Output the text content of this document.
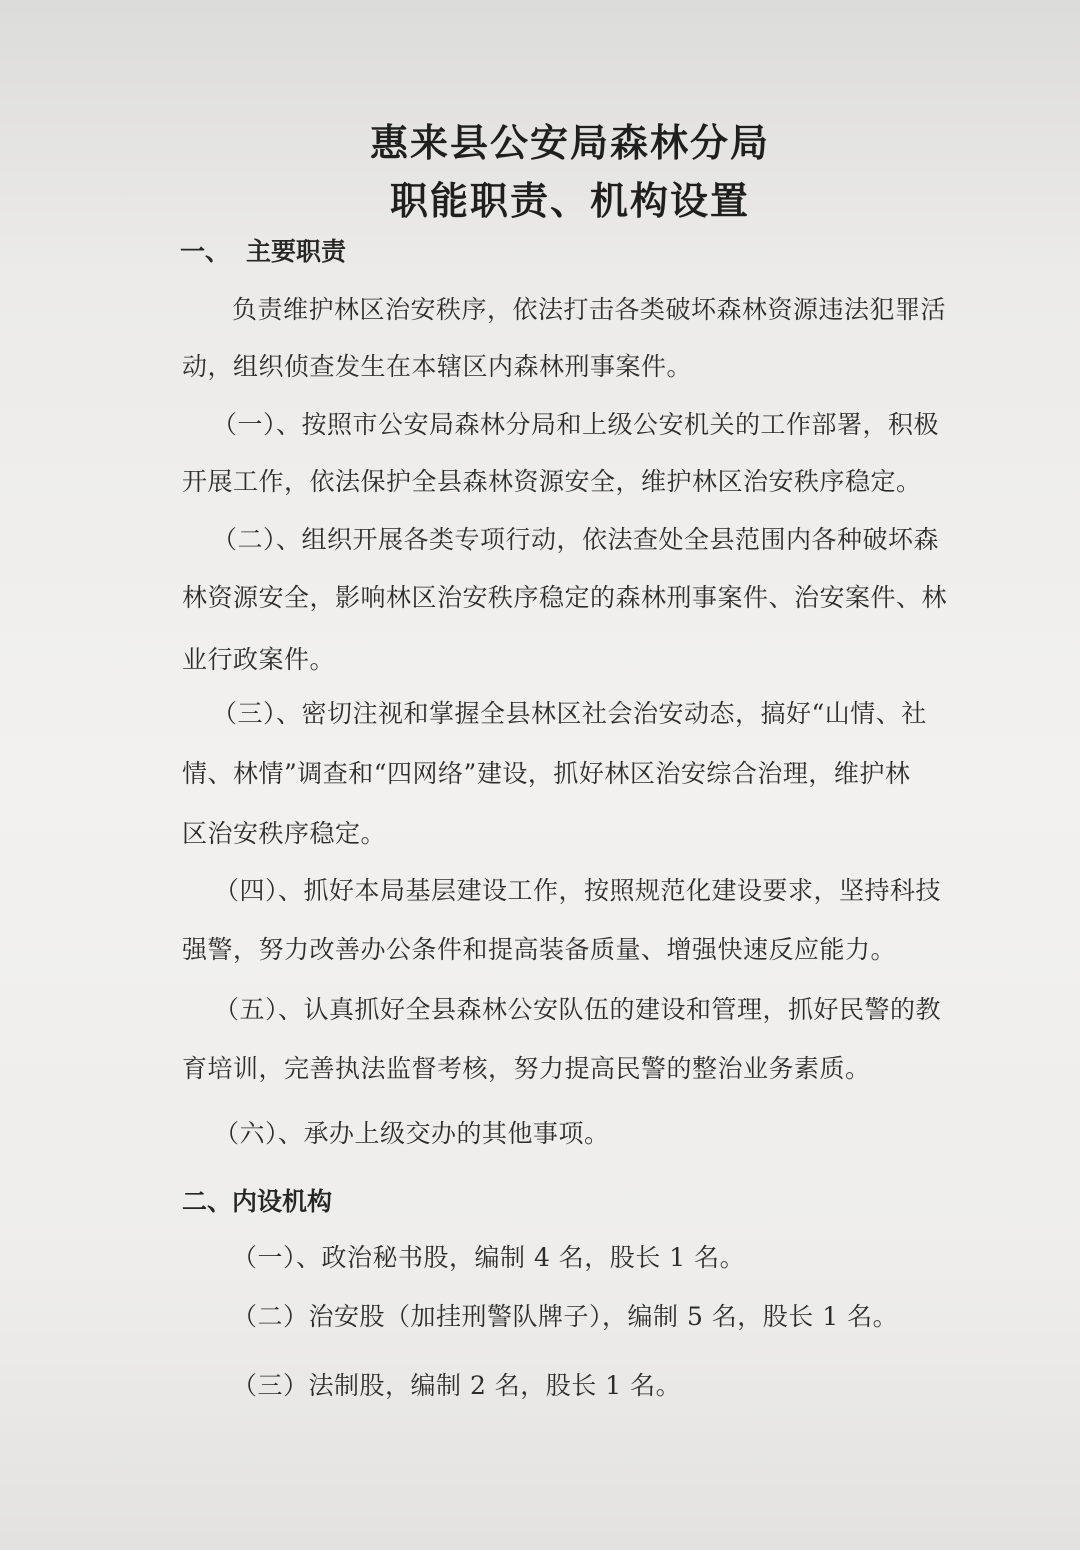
惠来县公安局森林分局
职能职责、机构设置
一、 主要职责
负责维护林区治安秩序，依法打击各类破坏森林资源违法犯罪活
动，组织侦查发生在本辖区内森林刑事案件。
（一）、按照市公安局森林分局和上级公安机关的工作部署，积极
开展工作，依法保护全县森林资源安全，维护林区治安秩序稳定。
（二）、组织开展各类专项行动，依法查处全县范围内各种破坏森
林资源安全，影响林区治安秩序稳定的森林刑事案件、治安案件、林
业行政案件。
（三）、密切注视和掌握全县林区社会治安动态，搞好“山情、社
情、林情”调查和“四网络”建设，抓好林区治安综合治理，维护林
区治安秩序稳定。
（四）、抓好本局基层建设工作，按照规范化建设要求，坚持科技
强警，努力改善办公条件和提高装备质量、增强快速反应能力。
（五）、认真抓好全县森林公安队伍的建设和管理，抓好民警的教
育培训，完善执法监督考核，努力提高民警的整治业务素质。
（六）、承办上级交办的其他事项。
二、内设机构
（一）、政治秘书股，编制 4 名，股长 1 名。
（二）治安股（加挂刑警队牌子），编制 5 名，股长 1 名。
（三）法制股，编制 2 名，股长 1 名。
